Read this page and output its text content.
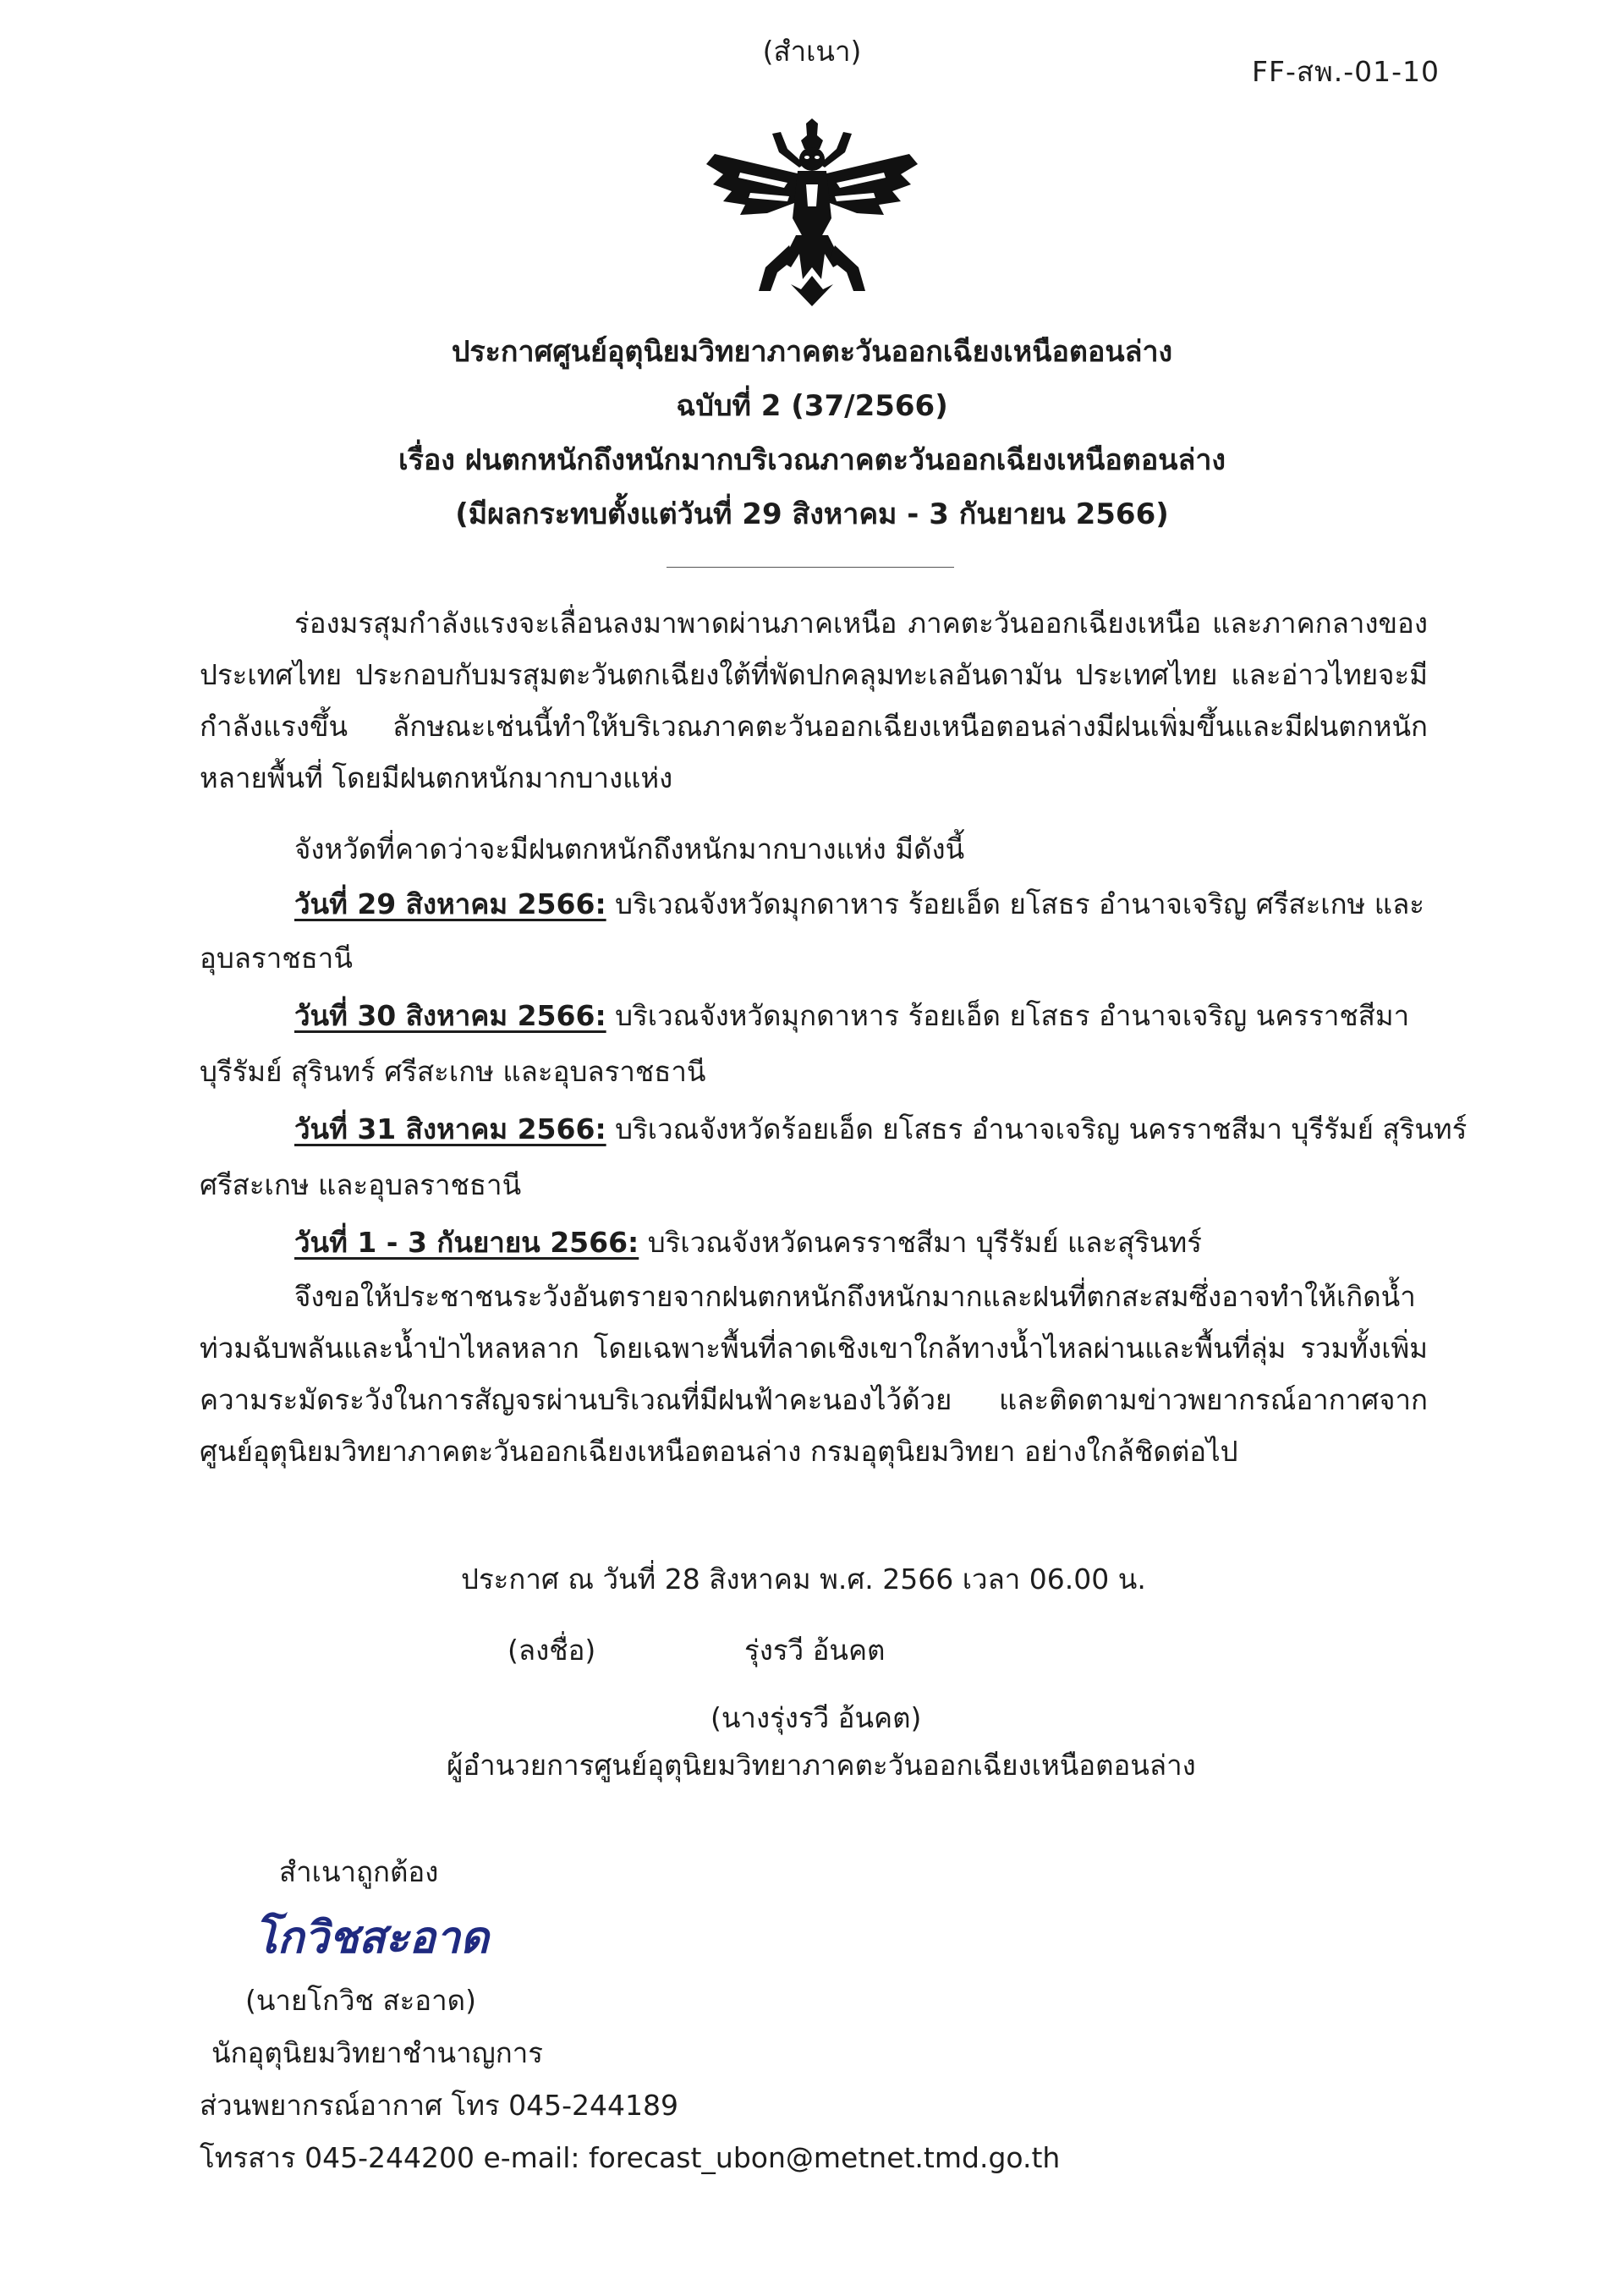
(สำเนา)
FF-สพ.-01-10
ประกาศศูนย์อุตุนิยมวิทยาภาคตะวันออกเฉียงเหนือตอนล่าง
ฉบับที่ 2 (37/2566)
เรื่อง ฝนตกหนักถึงหนักมากบริเวณภาคตะวันออกเฉียงเหนือตอนล่าง
(มีผลกระทบตั้งแต่วันที่ 29 สิงหาคม - 3 กันยายน 2566)
ร่องมรสุมกำลังแรงจะเลื่อนลงมาพาดผ่านภาคเหนือ ภาคตะวันออกเฉียงเหนือ และภาคกลางของประเทศไทย ประกอบกับมรสุมตะวันตกเฉียงใต้ที่พัดปกคลุมทะเลอันดามัน ประเทศไทย และอ่าวไทยจะมีกำลังแรงขึ้น ลักษณะเช่นนี้ทำให้บริเวณภาคตะวันออกเฉียงเหนือตอนล่างมีฝนเพิ่มขึ้นและมีฝนตกหนักหลายพื้นที่ โดยมีฝนตกหนักมากบางแห่ง
จังหวัดที่คาดว่าจะมีฝนตกหนักถึงหนักมากบางแห่ง มีดังนี้
วันที่ 29 สิงหาคม 2566: บริเวณจังหวัดมุกดาหาร ร้อยเอ็ด ยโสธร อำนาจเจริญ ศรีสะเกษ และ
อุบลราชธานี
วันที่ 30 สิงหาคม 2566: บริเวณจังหวัดมุกดาหาร ร้อยเอ็ด ยโสธร อำนาจเจริญ นครราชสีมา
บุรีรัมย์ สุรินทร์ ศรีสะเกษ และอุบลราชธานี
วันที่ 31 สิงหาคม 2566: บริเวณจังหวัดร้อยเอ็ด ยโสธร อำนาจเจริญ นครราชสีมา บุรีรัมย์ สุรินทร์
ศรีสะเกษ และอุบลราชธานี
วันที่ 1 - 3 กันยายน 2566: บริเวณจังหวัดนครราชสีมา บุรีรัมย์ และสุรินทร์
จึงขอให้ประชาชนระวังอันตรายจากฝนตกหนักถึงหนักมากและฝนที่ตกสะสมซึ่งอาจทำให้เกิดน้ำท่วมฉับพลันและน้ำป่าไหลหลาก โดยเฉพาะพื้นที่ลาดเชิงเขาใกล้ทางน้ำไหลผ่านและพื้นที่ลุ่ม รวมทั้งเพิ่มความระมัดระวังในการสัญจรผ่านบริเวณที่มีฝนฟ้าคะนองไว้ด้วย และติดตามข่าวพยากรณ์อากาศจากศูนย์อุตุนิยมวิทยาภาคตะวันออกเฉียงเหนือตอนล่าง กรมอุตุนิยมวิทยา อย่างใกล้ชิดต่อไป
ประกาศ ณ วันที่ 28 สิงหาคม พ.ศ. 2566 เวลา 06.00 น.
(ลงชื่อ)	รุ่งรวี อ้นคต
(นางรุ่งรวี อ้นคต)
ผู้อำนวยการศูนย์อุตุนิยมวิทยาภาคตะวันออกเฉียงเหนือตอนล่าง
สำเนาถูกต้อง
โกวิชสะอาด
(นายโกวิช สะอาด)
นักอุตุนิยมวิทยาชำนาญการ
ส่วนพยากรณ์อากาศ โทร 045-244189
โทรสาร 045-244200 e-mail: forecast_ubon@metnet.tmd.go.th
